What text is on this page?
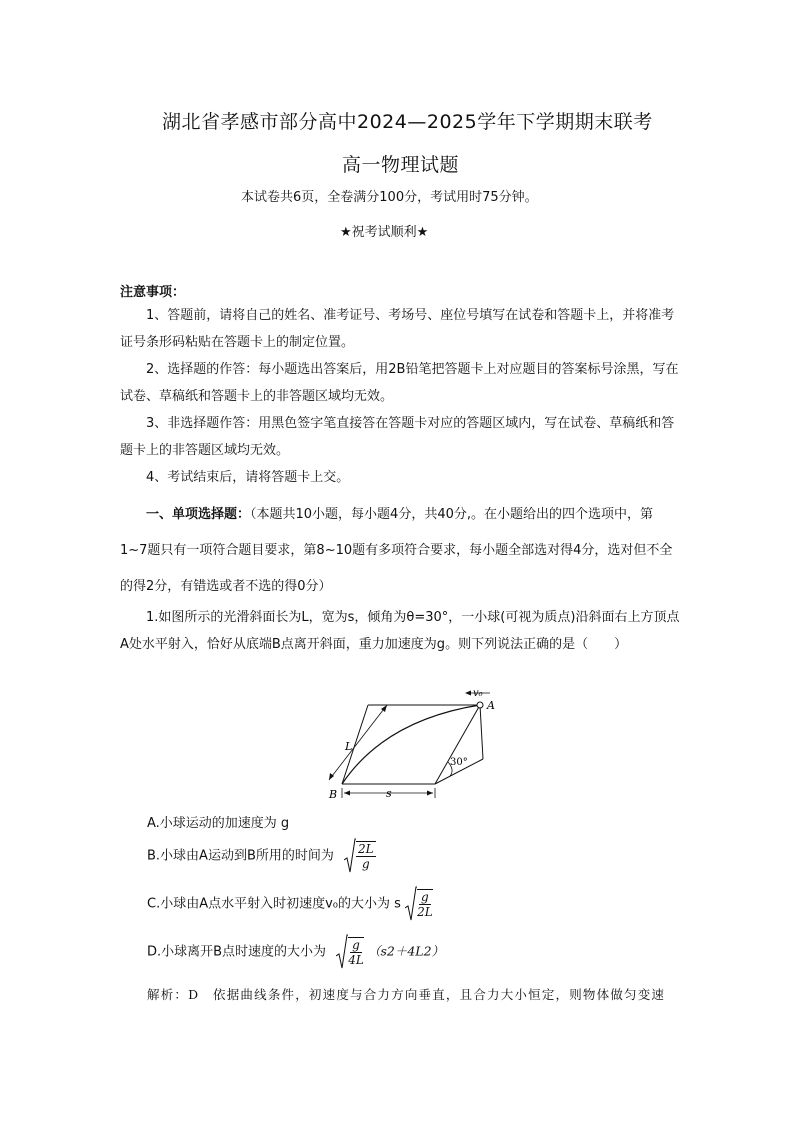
湖北省孝感市部分高中2024—2025学年下学期期末联考
高一物理试题
本试卷共6页，全卷满分100分，考试用时75分钟。
★祝考试顺利★
注意事项：
1、答题前，请将自己的姓名、准考证号、考场号、座位号填写在试卷和答题卡上，并将准考证号条形码粘贴在答题卡上的制定位置。
2、选择题的作答：每小题选出答案后，用2B铅笔把答题卡上对应题目的答案标号涂黑，写在试卷、草稿纸和答题卡上的非答题区域均无效。
3、非选择题作答：用黑色签字笔直接答在答题卡对应的答题区域内，写在试卷、草稿纸和答题卡上的非答题区域均无效。
4、考试结束后，请将答题卡上交。
一、单项选择题：（本题共10小题，每小题4分，共40分,。在小题给出的四个选项中，第1~7题只有一项符合题目要求，第8~10题有多项符合要求，每小题全部选对得4分，选对但不全的得2分，有错选或者不选的得0分）
1.如图所示的光滑斜面长为L，宽为s，倾角为θ=30°，一小球(可视为质点)沿斜面右上方顶点A处水平射入，恰好从底端B点离开斜面，重力加速度为g。则下列说法正确的是（　　）
v₀
A
B
L
s
30°
A.小球运动的加速度为 g
B.小球由A运动到B所用的时间为 $\frac{2L}{g}$
C.小球由A点水平射入时初速度v₀的大小为 s $\frac{g}{2L}$
D.小球离开B点时速度的大小为 $\frac{g}{4L} (s2+4L2)$
解析：D　依据曲线条件，初速度与合力方向垂直，且合力大小恒定，则物体做匀变速
